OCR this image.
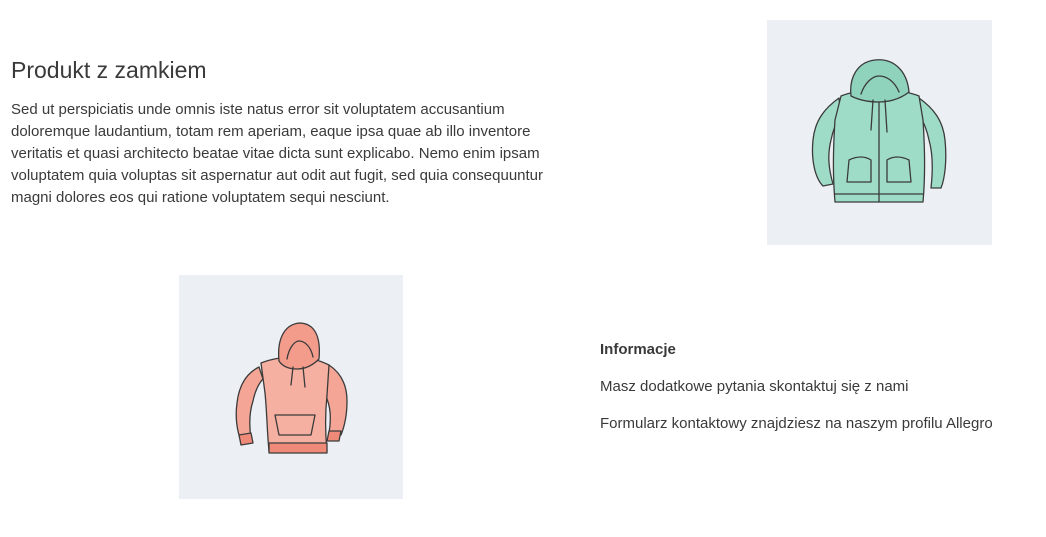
Produkt z zamkiem

Sed ut perspiciatis unde omnis iste natus error sit voluptatem accusantium doloremque laudantium, totam rem aperiam, eaque ipsa quae ab illo inventore veritatis et quasi architecto beatae vitae dicta sunt explicabo. Nemo enim ipsam voluptatem quia voluptas sit aspernatur aut odit aut fugit, sed quia consequuntur magni dolores eos qui ratione voluptatem sequi nesciunt.

Informacje
Masz dodatkowe pytania skontaktuj się z nami
Formularz kontaktowy znajdziesz na naszym profilu Allegro
